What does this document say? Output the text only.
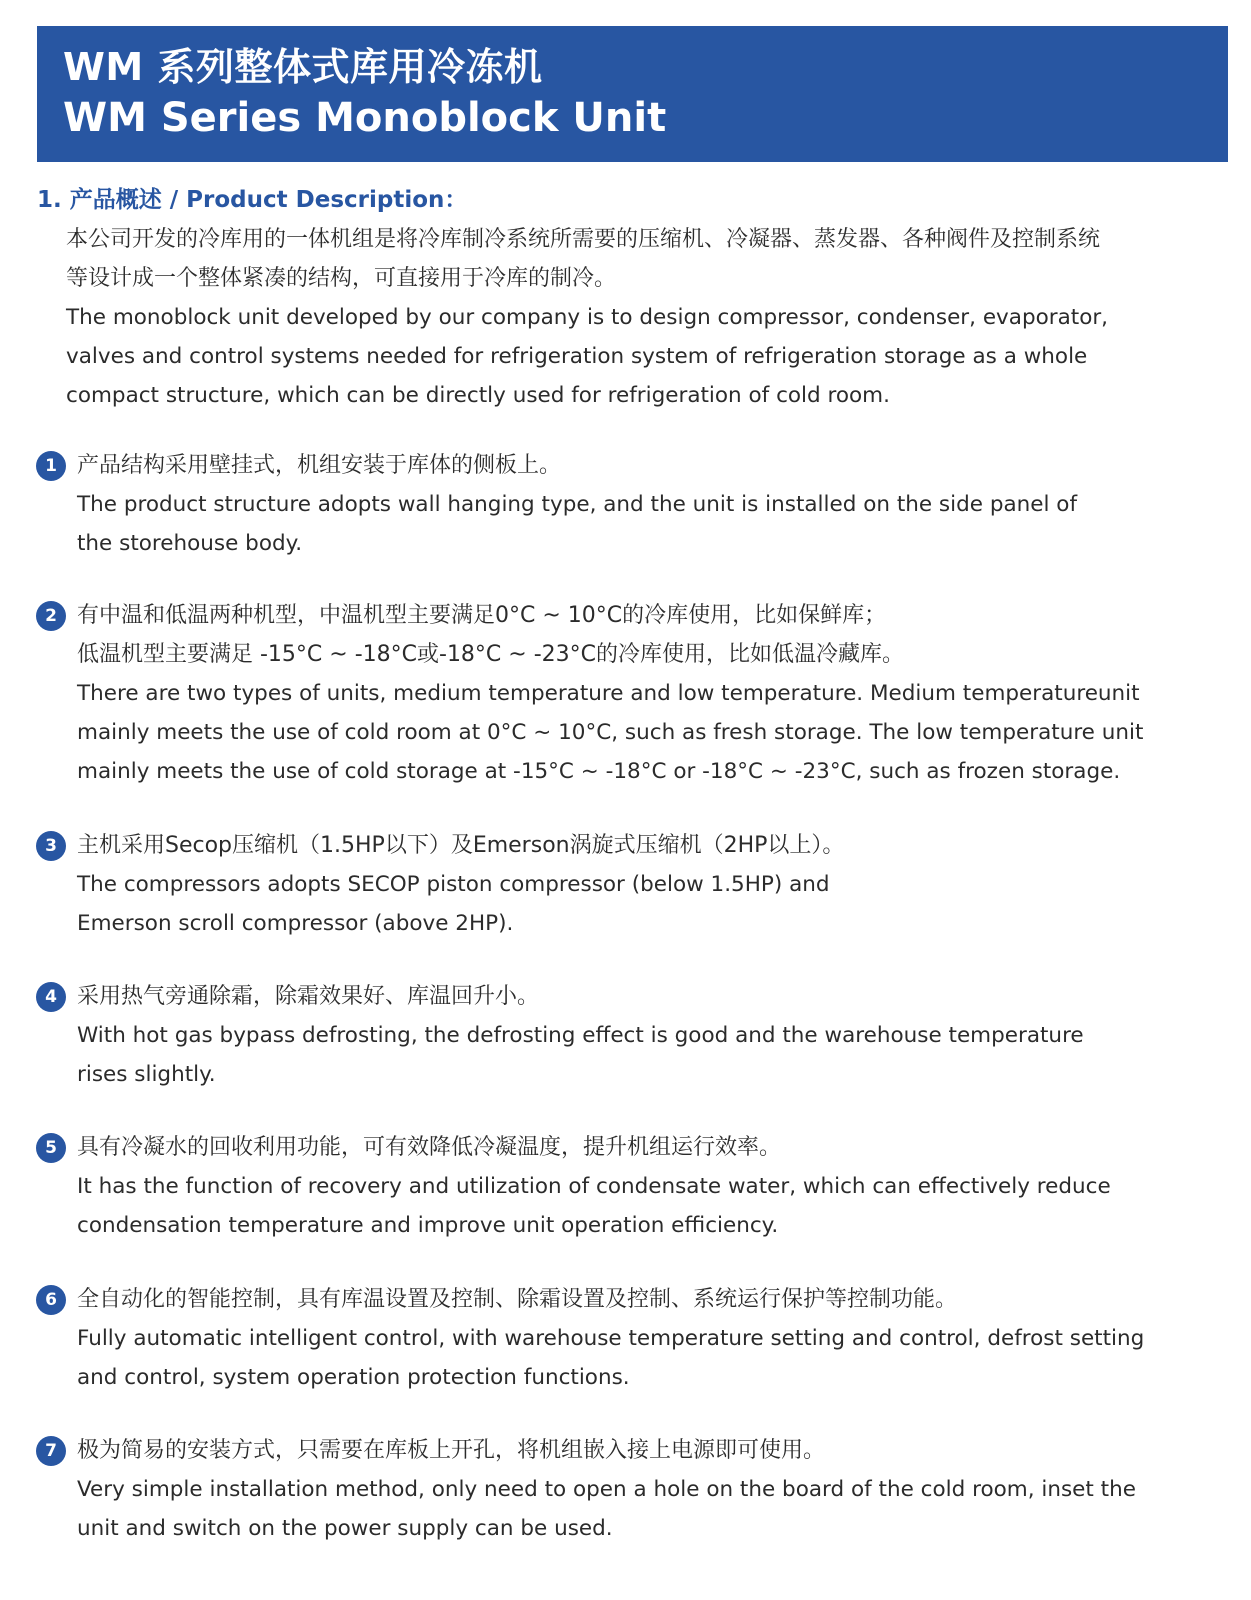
WM 系列整体式库用冷冻机
WM Series Monoblock Unit
1. 产品概述 / Product Description：
本公司开发的冷库用的一体机组是将冷库制冷系统所需要的压缩机、冷凝器、蒸发器、各种阀件及控制系统
等设计成一个整体紧凑的结构，可直接用于冷库的制冷。
The monoblock unit developed by our company is to design compressor, condenser, evaporator,
valves and control systems needed for refrigeration system of refrigeration storage as a whole
compact structure, which can be directly used for refrigeration of cold room.
1 产品结构采用壁挂式，机组安装于库体的侧板上。
The product structure adopts wall hanging type, and the unit is installed on the side panel of
the storehouse body.
2 有中温和低温两种机型，中温机型主要满足0°C ~ 10°C的冷库使用，比如保鲜库；
低温机型主要满足 -15°C ~ -18°C或-18°C ~ -23°C的冷库使用，比如低温冷藏库。
There are two types of units, medium temperature and low temperature. Medium temperatureunit
mainly meets the use of cold room at 0°C ~ 10°C, such as fresh storage. The low temperature unit
mainly meets the use of cold storage at -15°C ~ -18°C or -18°C ~ -23°C, such as frozen storage.
3 主机采用Secop压缩机（1.5HP以下）及Emerson涡旋式压缩机（2HP以上）。
The compressors adopts SECOP piston compressor (below 1.5HP) and
Emerson scroll compressor (above 2HP).
4 采用热气旁通除霜，除霜效果好、库温回升小。
With hot gas bypass defrosting, the defrosting effect is good and the warehouse temperature
rises slightly.
5 具有冷凝水的回收利用功能，可有效降低冷凝温度，提升机组运行效率。
It has the function of recovery and utilization of condensate water, which can effectively reduce
condensation temperature and improve unit operation efficiency.
6 全自动化的智能控制，具有库温设置及控制、除霜设置及控制、系统运行保护等控制功能。
Fully automatic intelligent control, with warehouse temperature setting and control, defrost setting
and control, system operation protection functions.
7 极为简易的安装方式，只需要在库板上开孔，将机组嵌入接上电源即可使用。
Very simple installation method, only need to open a hole on the board of the cold room, inset the
unit and switch on the power supply can be used.
